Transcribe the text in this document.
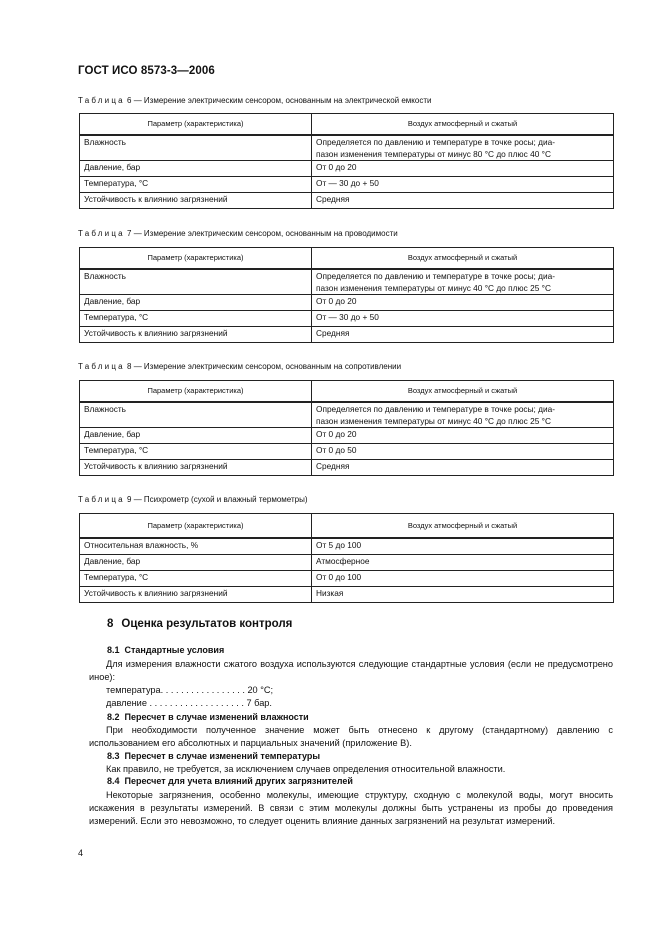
ГОСТ ИСО 8573-3—2006
Таблица 6 — Измерение электрическим сенсором, основанным на электрической емкости
Параметр (характеристика)	Воздух атмосферный и сжатый
Влажность	Определяется по давлению и температуре в точке росы; диа-
пазон изменения температуры от минус 80 °С до плюс 40 °С

Давление, бар	От 0 до 20
Температура, °С	От — 30 до + 50
Устойчивость к влиянию загрязнений	Средняя
Таблица 7 — Измерение электрическим сенсором, основанным на проводимости
Параметр (характеристика)	Воздух атмосферный и сжатый
Влажность	Определяется по давлению и температуре в точке росы; диа-
пазон изменения температуры от минус 40 °С до плюс 25 °С

Давление, бар	От 0 до 20
Температура, °С	От — 30 до + 50
Устойчивость к влиянию загрязнений	Средняя
Таблица 8 — Измерение электрическим сенсором, основанным на сопротивлении
Параметр (характеристика)	Воздух атмосферный и сжатый
Влажность	Определяется по давлению и температуре в точке росы; диа-
пазон изменения температуры от минус 40 °С до плюс 25 °С

Давление, бар	От 0 до 20
Температура, °С	От 0 до 50
Устойчивость к влиянию загрязнений	Средняя
Таблица 9 — Психрометр (сухой и влажный термометры)
Параметр (характеристика)	Воздух атмосферный и сжатый
Относительная влажность, %	От 5 до 100
Давление, бар	Атмосферное
Температура, °С	От 0 до 100
Устойчивость к влиянию загрязнений	Низкая
8 Оценка результатов контроля
8.1 Стандартные условия
Для измерения влажности сжатого воздуха используются следующие стандартные условия (если не предусмотрено иное):
температура. . . . . . . . . . . . . . . . . 20 °С;
давление . . . . . . . . . . . . . . . . . . . 7 бар.
8.2 Пересчет в случае изменений влажности
При необходимости полученное значение может быть отнесено к другому (стандартному) давлению с использованием его абсолютных и парциальных значений (приложение В).
8.3 Пересчет в случае изменений температуры
Как правило, не требуется, за исключением случаев определения относительной влажности.
8.4 Пересчет для учета влияний других загрязнителей
Некоторые загрязнения, особенно молекулы, имеющие структуру, сходную с молекулой воды, могут вносить искажения в результаты измерений. В связи с этим молекулы должны быть устранены из пробы до проведения измерений. Если это невозможно, то следует оценить влияние данных загрязнений на результат измерений.
4
